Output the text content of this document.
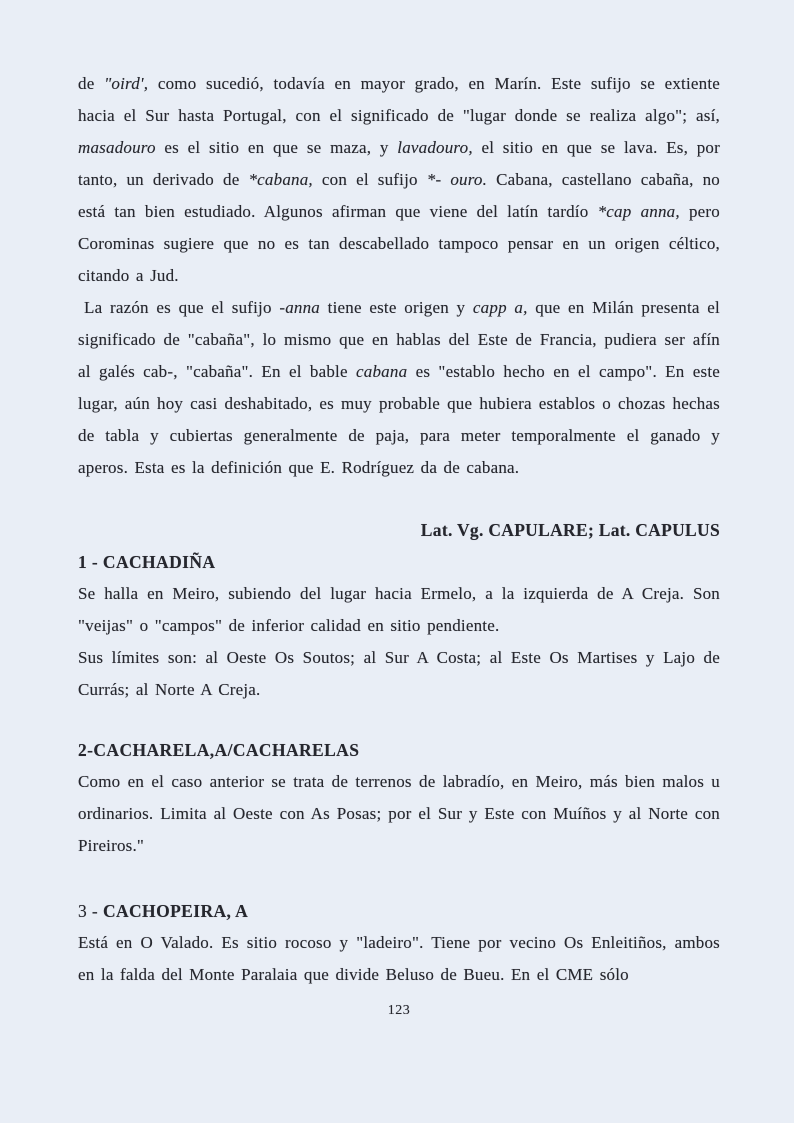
de "oird', como sucedió, todavía en mayor grado, en Marín. Este sufijo se extiente hacia el Sur hasta Portugal, con el significado de "lugar donde se realiza algo"; así, masadouro es el sitio en que se maza, y lavadouro, el sitio en que se lava. Es, por tanto, un derivado de *cabana, con el sufijo *- ouro. Cabana, castellano cabaña, no está tan bien estudiado. Algunos afirman que viene del latín tardío *cap anna, pero Corominas sugiere que no es tan descabellado tampoco pensar en un origen céltico, citando a Jud.

La razón es que el sufijo -anna tiene este origen y capp a, que en Milán presenta el significado de "cabaña", lo mismo que en hablas del Este de Francia, pudiera ser afín al galés cab-, "cabaña". En el bable cabana es "establo hecho en el campo". En este lugar, aún hoy casi deshabitado, es muy probable que hubiera establos o chozas hechas de tabla y cubiertas generalmente de paja, para meter temporalmente el ganado y aperos. Esta es la definición que E. Rodríguez da de cabana.

Lat. Vg. CAPULARE; Lat. CAPULUS

1 - CACHADIÑA

Se halla en Meiro, subiendo del lugar hacia Ermelo, a la izquierda de A Creja. Son "veijas" o "campos" de inferior calidad en sitio pendiente.

Sus límites son: al Oeste Os Soutos; al Sur A Costa; al Este Os Martises y Lajo de Currás; al Norte A Creja.

2-CACHARELA,A/CACHARELAS

Como en el caso anterior se trata de terrenos de labradío, en Meiro, más bien malos u ordinarios. Limita al Oeste con As Posas; por el Sur y Este con Muíños y al Norte con Pireiros."

3 - CACHOPEIRA, A

Está en O Valado. Es sitio rocoso y "ladeiro". Tiene por vecino Os Enleitiños, ambos en la falda del Monte Paralaia que divide Beluso de Bueu. En el CME sólo

123
